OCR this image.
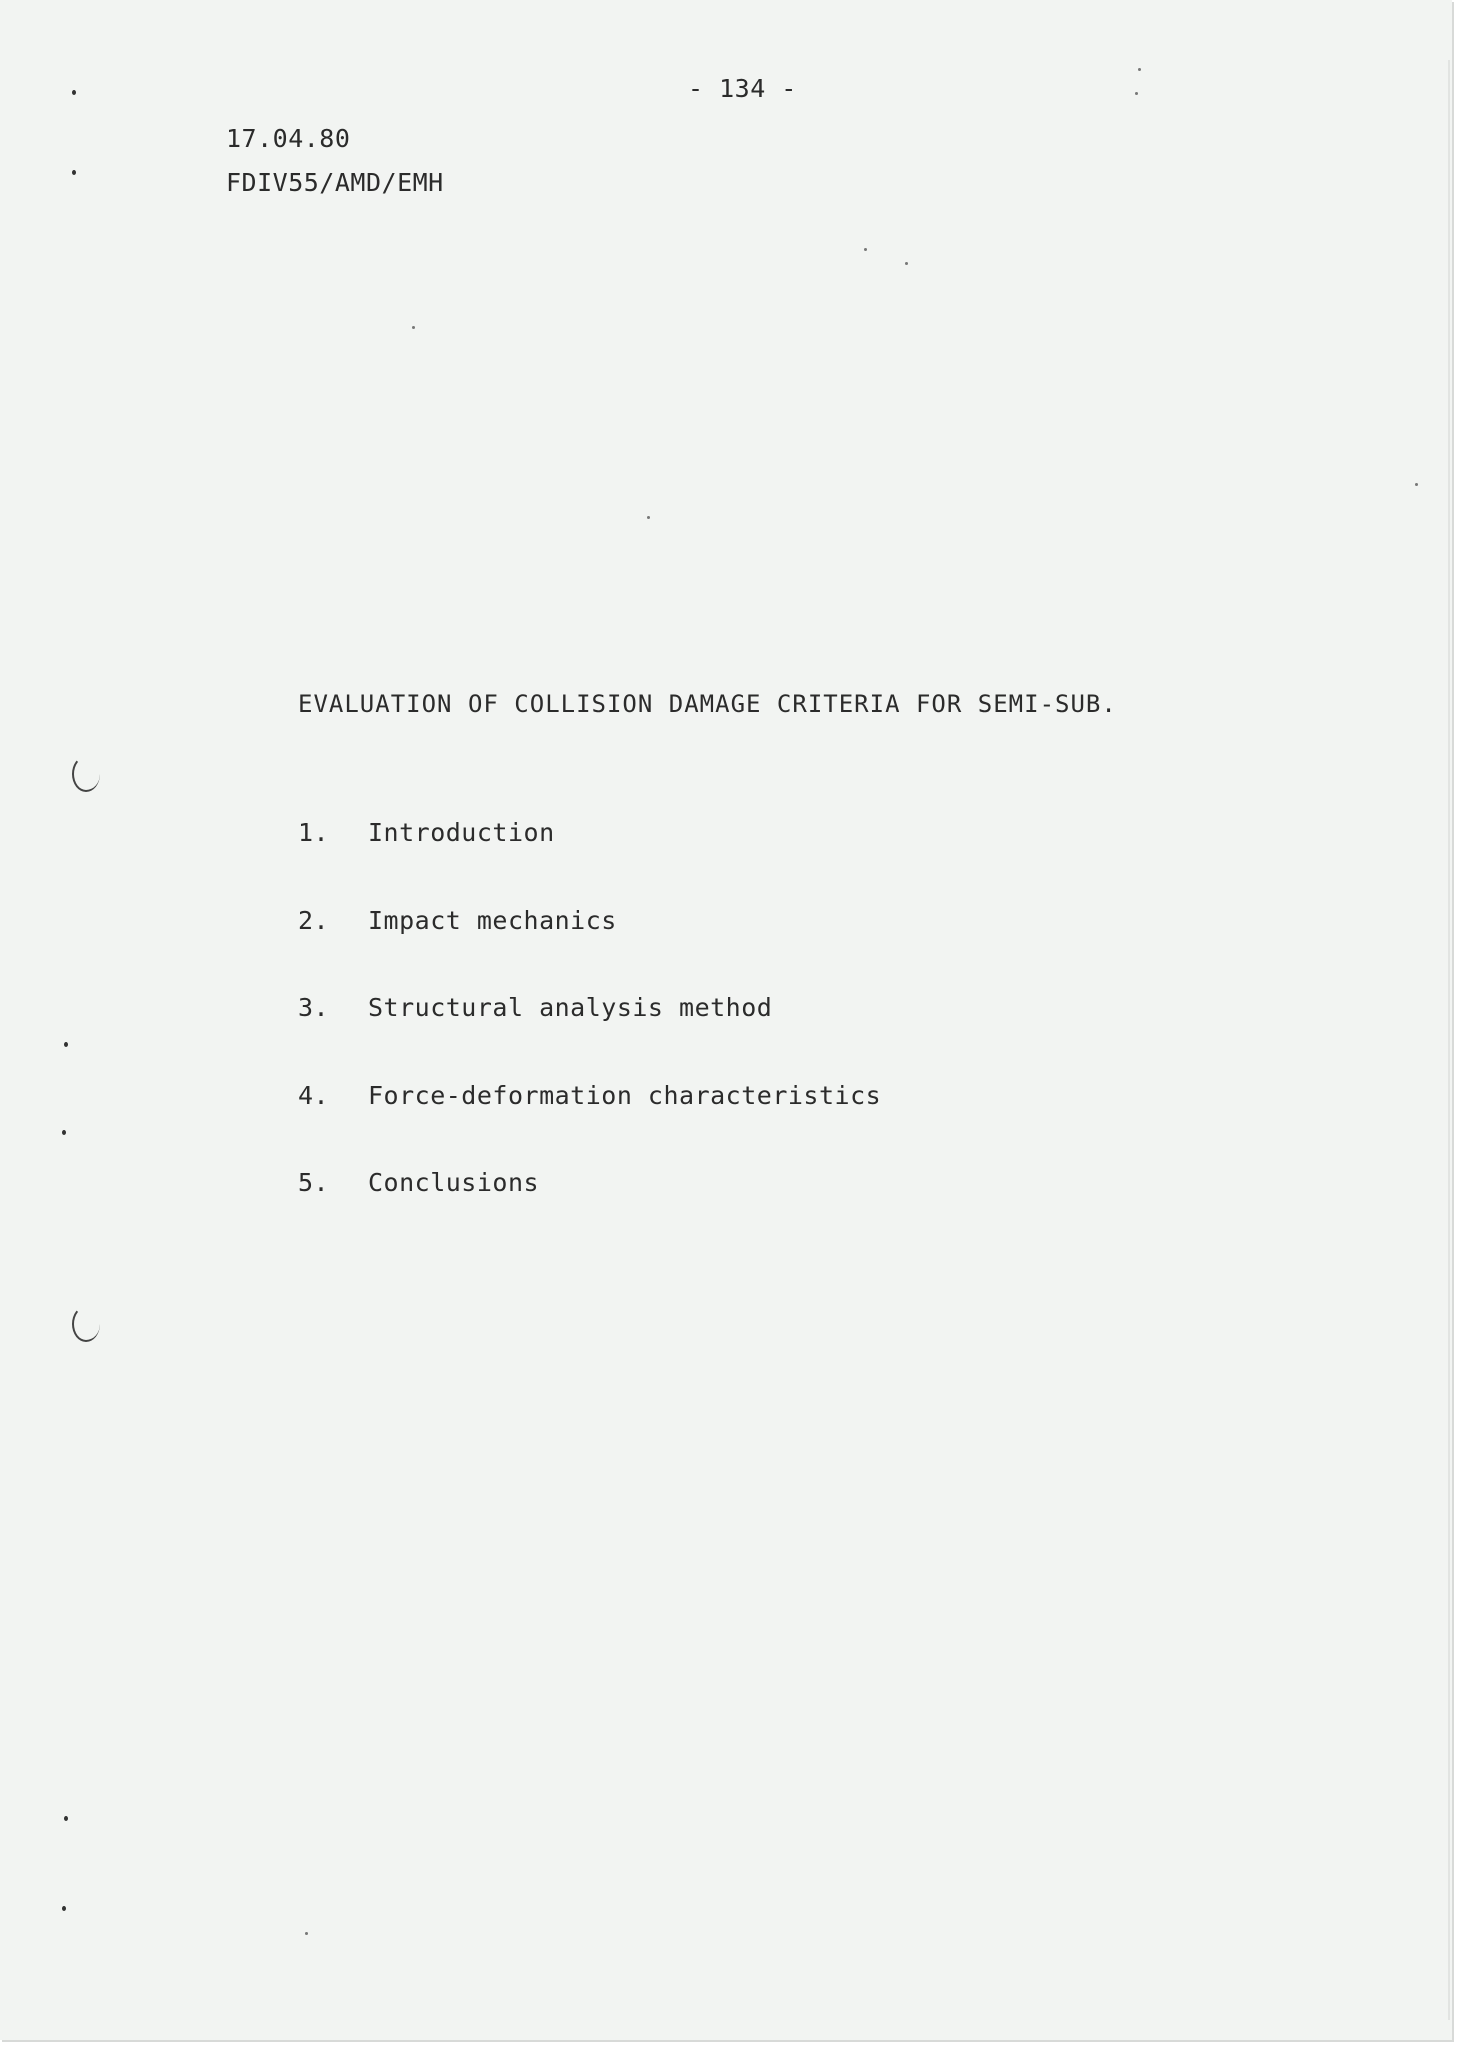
- 134 -
17.04.80
FDIV55/AMD/EMH
EVALUATION OF COLLISION DAMAGE CRITERIA FOR SEMI-SUB.
1. Introduction
2. Impact mechanics
3. Structural analysis method
4. Force-deformation characteristics
5. Conclusions
